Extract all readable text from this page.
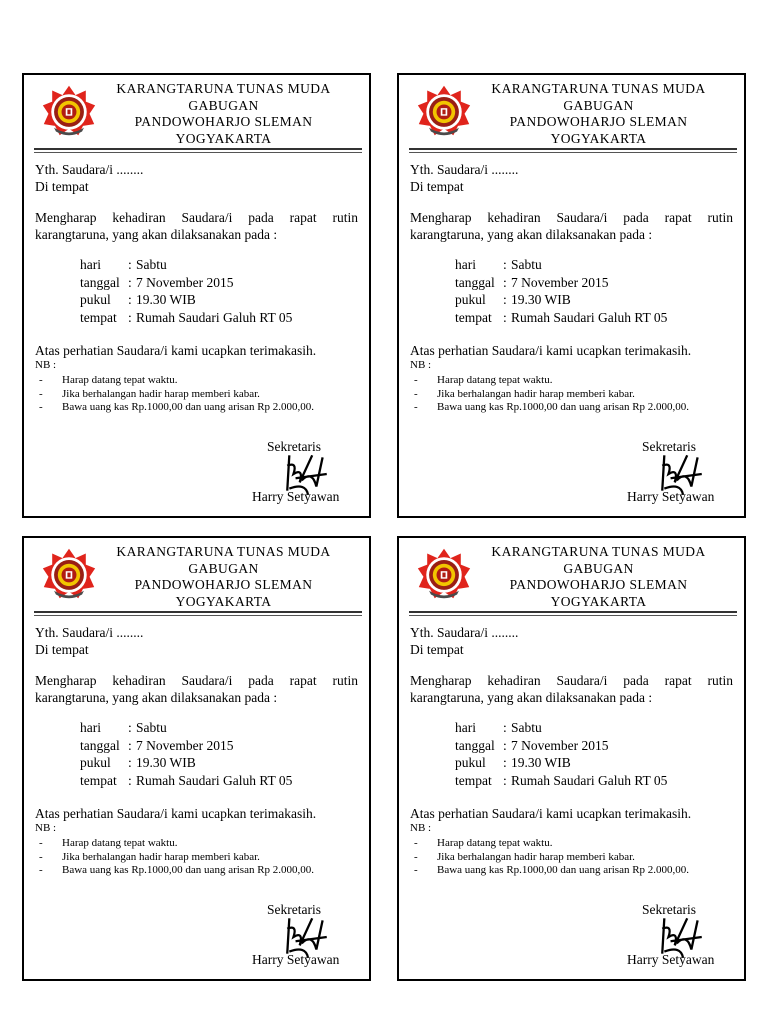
KARANGTARUNA TUNAS MUDA
GABUGAN
PANDOWOHARJO SLEMAN
YOGYAKARTA
Yth. Saudara/i ........
Di tempat
Mengharap kehadiran Saudara/i pada rapat rutin karangtaruna, yang akan dilaksanakan pada :
hari	: Sabtu
tanggal : 7 November 2015
pukul	: 19.30 WIB
tempat : Rumah Saudari Galuh RT 05
Atas perhatian Saudara/i kami ucapkan terimakasih.
NB :
-	Harap datang tepat waktu.
-	Jika berhalangan hadir harap memberi kabar.
-	Bawa uang kas Rp.1000,00 dan uang arisan Rp 2.000,00.
Sekretaris
Harry Setyawan
KARANGTARUNA TUNAS MUDA
GABUGAN
PANDOWOHARJO SLEMAN
YOGYAKARTA
Yth. Saudara/i ........
Di tempat
Mengharap kehadiran Saudara/i pada rapat rutin karangtaruna, yang akan dilaksanakan pada :
hari	: Sabtu
tanggal : 7 November 2015
pukul	: 19.30 WIB
tempat : Rumah Saudari Galuh RT 05
Atas perhatian Saudara/i kami ucapkan terimakasih.
NB :
-	Harap datang tepat waktu.
-	Jika berhalangan hadir harap memberi kabar.
-	Bawa uang kas Rp.1000,00 dan uang arisan Rp 2.000,00.
Sekretaris
Harry Setyawan
KARANGTARUNA TUNAS MUDA
GABUGAN
PANDOWOHARJO SLEMAN
YOGYAKARTA
Yth. Saudara/i ........
Di tempat
Mengharap kehadiran Saudara/i pada rapat rutin karangtaruna, yang akan dilaksanakan pada :
hari	: Sabtu
tanggal : 7 November 2015
pukul	: 19.30 WIB
tempat : Rumah Saudari Galuh RT 05
Atas perhatian Saudara/i kami ucapkan terimakasih.
NB :
-	Harap datang tepat waktu.
-	Jika berhalangan hadir harap memberi kabar.
-	Bawa uang kas Rp.1000,00 dan uang arisan Rp 2.000,00.
Sekretaris
Harry Setyawan
KARANGTARUNA TUNAS MUDA
GABUGAN
PANDOWOHARJO SLEMAN
YOGYAKARTA
Yth. Saudara/i ........
Di tempat
Mengharap kehadiran Saudara/i pada rapat rutin karangtaruna, yang akan dilaksanakan pada :
hari	: Sabtu
tanggal : 7 November 2015
pukul	: 19.30 WIB
tempat : Rumah Saudari Galuh RT 05
Atas perhatian Saudara/i kami ucapkan terimakasih.
NB :
-	Harap datang tepat waktu.
-	Jika berhalangan hadir harap memberi kabar.
-	Bawa uang kas Rp.1000,00 dan uang arisan Rp 2.000,00.
Sekretaris
Harry Setyawan
